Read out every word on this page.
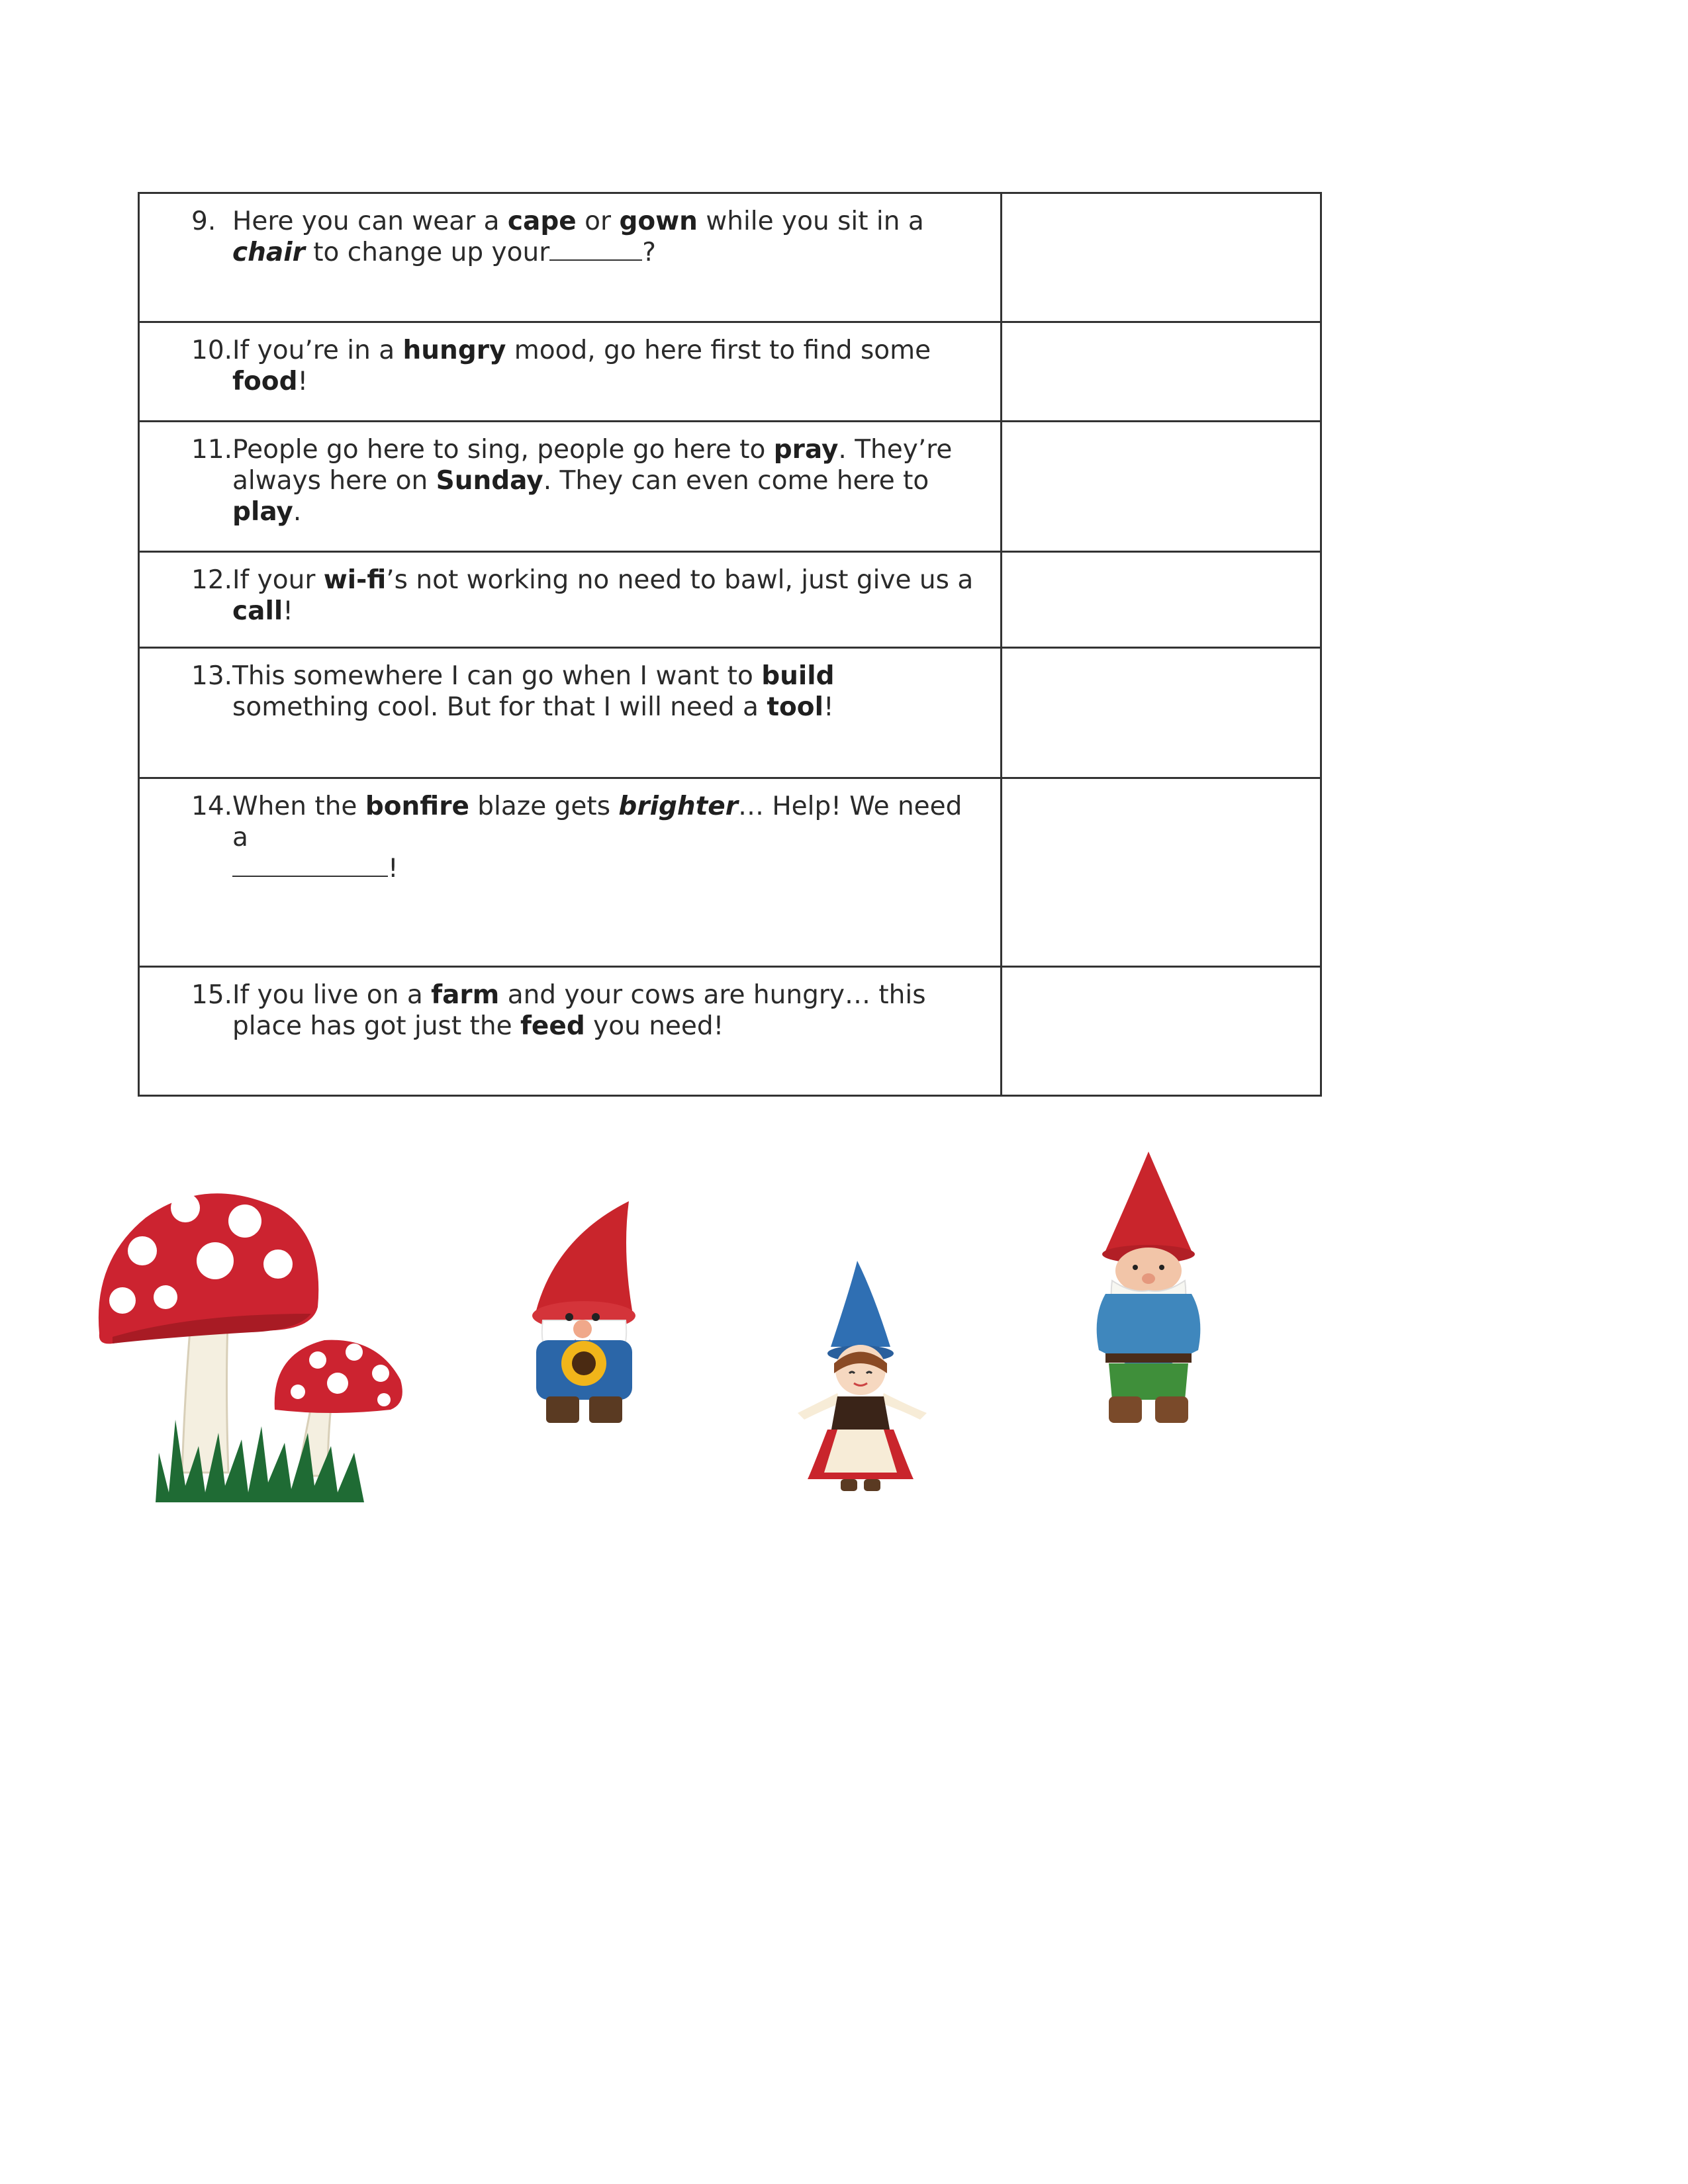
9. Here you can wear a cape or gown while you sit in a chair to change up your ?	

10. If you’re in a hungry mood, go here first to find some food!	

11. People go here to sing, people go here to pray. They’re always here on Sunday. They can even come here to play.	

12. If your wi-fi’s not working no need to bawl, just give us a call!	

13. This somewhere I can go when I want to build something cool. But for that I will need a tool!	

14. When the bonfire blaze gets brighter… Help! We need a
!	

15. If you live on a farm and your cows are hungry… this place has got just the feed you need!	
